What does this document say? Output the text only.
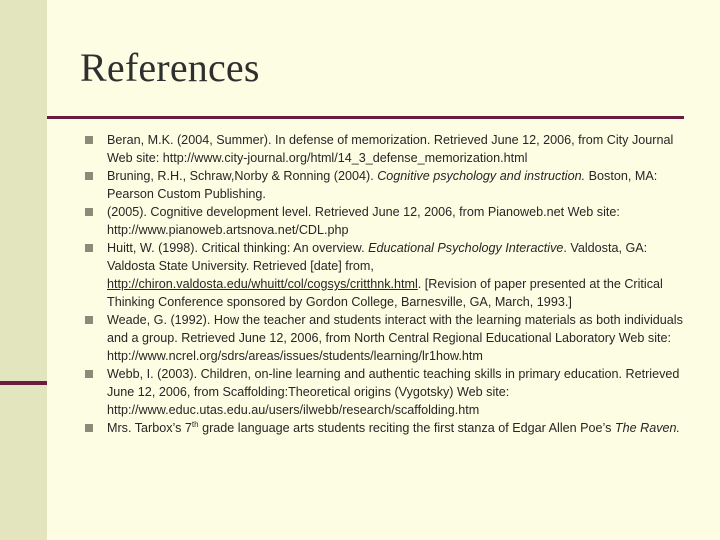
References
Beran, M.K. (2004, Summer). In defense of memorization. Retrieved June 12, 2006, from City Journal Web site: http://www.city-journal.org/html/14_3_defense_memorization.html
Bruning, R.H., Schraw,Norby & Ronning (2004). Cognitive psychology and instruction. Boston, MA: Pearson Custom Publishing.
(2005). Cognitive development level. Retrieved June 12, 2006, from Pianoweb.net Web site: http://www.pianoweb.artsnova.net/CDL.php
Huitt, W. (1998). Critical thinking: An overview. Educational Psychology Interactive. Valdosta, GA: Valdosta State University. Retrieved [date] from, http://chiron.valdosta.edu/whuitt/col/cogsys/critthnk.html. [Revision of paper presented at the Critical Thinking Conference sponsored by Gordon College, Barnesville, GA, March, 1993.]
Weade, G. (1992). How the teacher and students interact with the learning materials as both individuals and a group. Retrieved June 12, 2006, from North Central Regional Educational Laboratory Web site: http://www.ncrel.org/sdrs/areas/issues/students/learning/lr1how.htm
Webb, I. (2003). Children, on-line learning and authentic teaching skills in primary education. Retrieved June 12, 2006, from Scaffolding:Theoretical origins (Vygotsky) Web site: http://www.educ.utas.edu.au/users/ilwebb/research/scaffolding.htm
Mrs. Tarbox’s 7th grade language arts students reciting the first stanza of Edgar Allen Poe’s The Raven.
